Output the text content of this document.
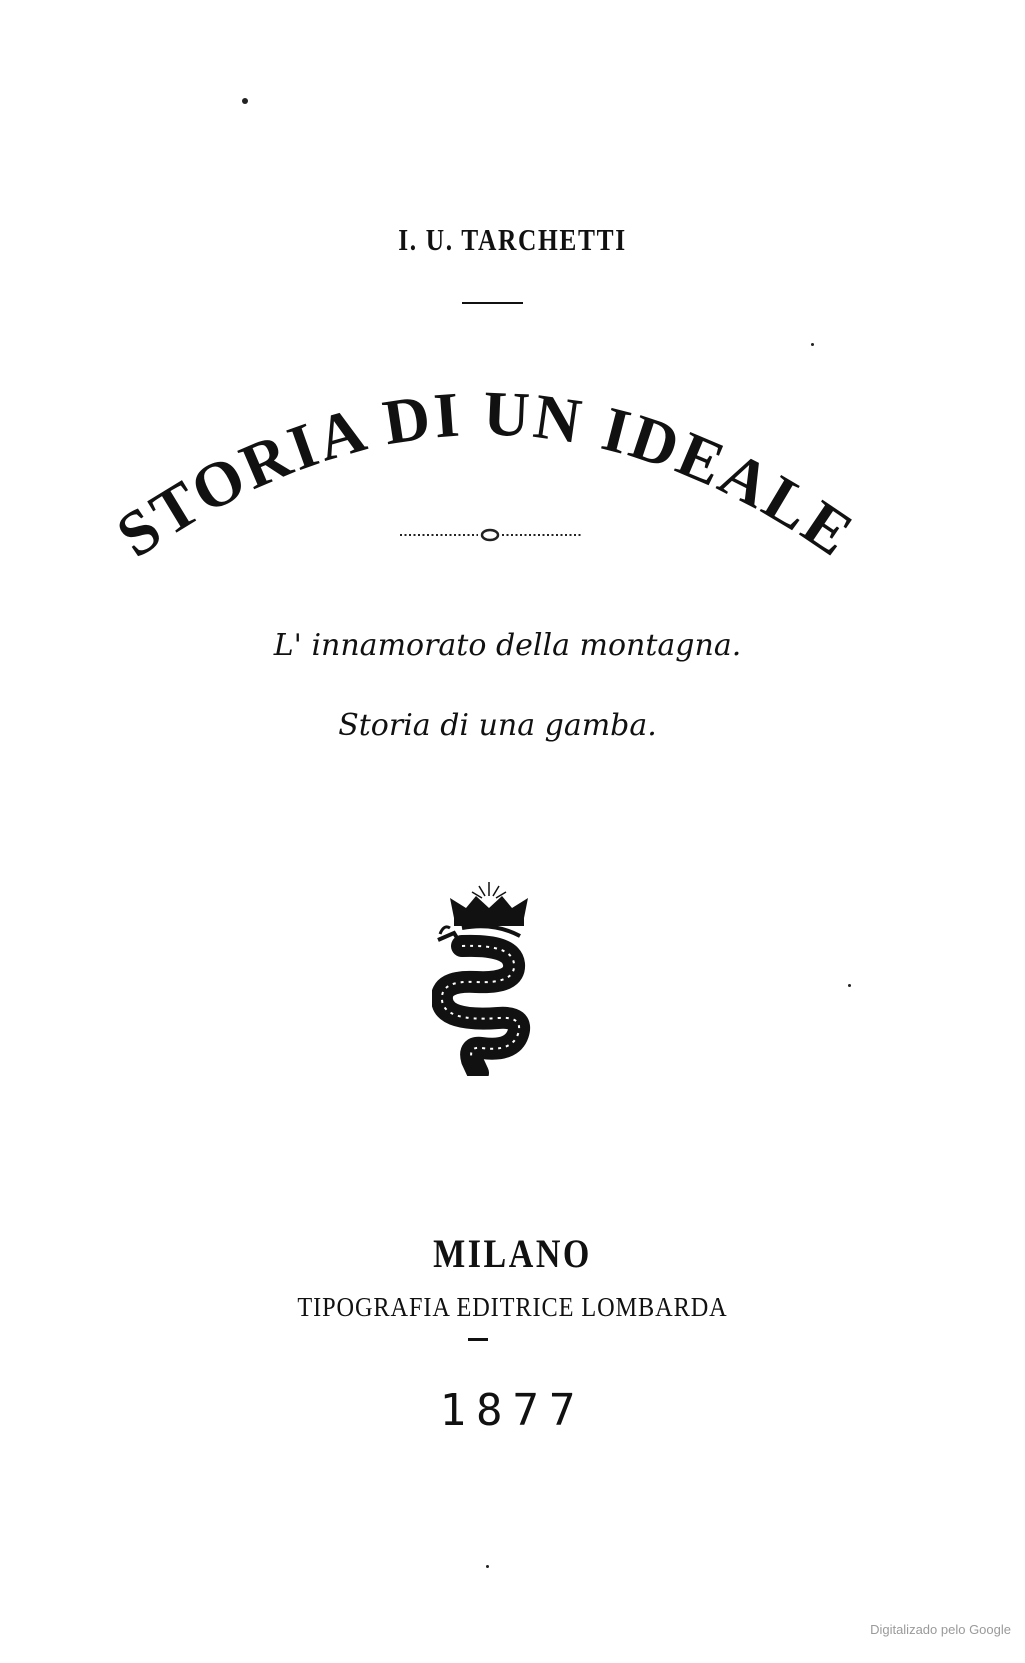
I. U. TARCHETTI
STORIA DI UN IDEALE
L' innamorato della montagna.
Storia di una gamba.
MILANO
TIPOGRAFIA EDITRICE LOMBARDA
1877
Digitalizado pelo Google
